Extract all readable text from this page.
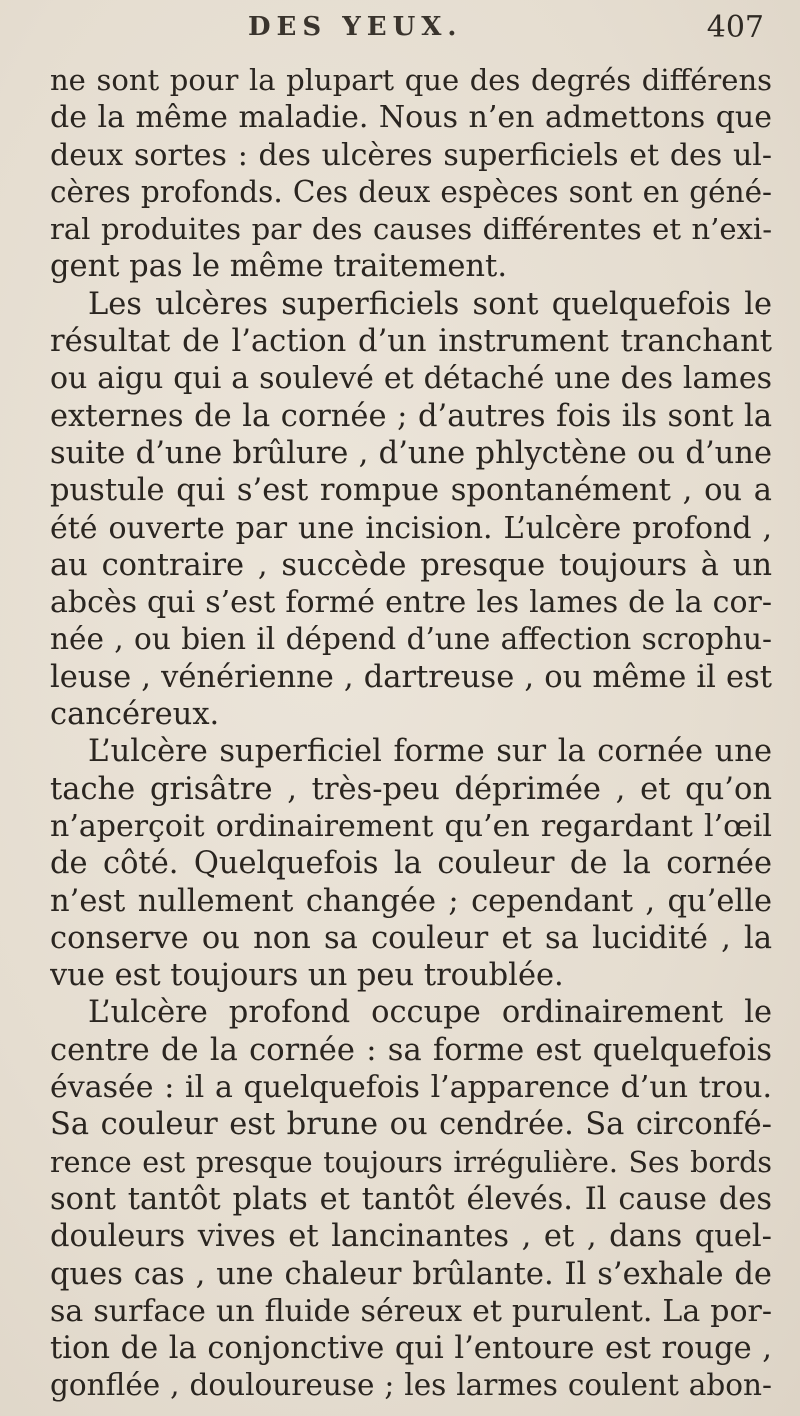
DES YEUX.	407
ne sont pour la plupart que des degrés différens
de la même maladie. Nous n’en admettons que
deux sortes : des ulcères superficiels et des ul-
cères profonds. Ces deux espèces sont en géné-
ral produites par des causes différentes et n’exi-
gent pas le même traitement.
Les ulcères superficiels sont quelquefois le
résultat de l’action d’un instrument tranchant
ou aigu qui a soulevé et détaché une des lames
externes de la cornée ; d’autres fois ils sont la
suite d’une brûlure , d’une phlyctène ou d’une
pustule qui s’est rompue spontanément , ou a
été ouverte par une incision. L’ulcère profond ,
au contraire , succède presque toujours à un
abcès qui s’est formé entre les lames de la cor-
née , ou bien il dépend d’une affection scrophu-
leuse , vénérienne , dartreuse , ou même il est
cancéreux.
L’ulcère superficiel forme sur la cornée une
tache grisâtre , très-peu déprimée , et qu’on
n’aperçoit ordinairement qu’en regardant l’œil
de côté. Quelquefois la couleur de la cornée
n’est nullement changée ; cependant , qu’elle
conserve ou non sa couleur et sa lucidité , la
vue est toujours un peu troublée.
L’ulcère profond occupe ordinairement le
centre de la cornée : sa forme est quelquefois
évasée : il a quelquefois l’apparence d’un trou.
Sa couleur est brune ou cendrée. Sa circonfé-
rence est presque toujours irrégulière. Ses bords
sont tantôt plats et tantôt élevés. Il cause des
douleurs vives et lancinantes , et , dans quel-
ques cas , une chaleur brûlante. Il s’exhale de
sa surface un fluide séreux et purulent. La por-
tion de la conjonctive qui l’entoure est rouge ,
gonflée , douloureuse ; les larmes coulent abon-
